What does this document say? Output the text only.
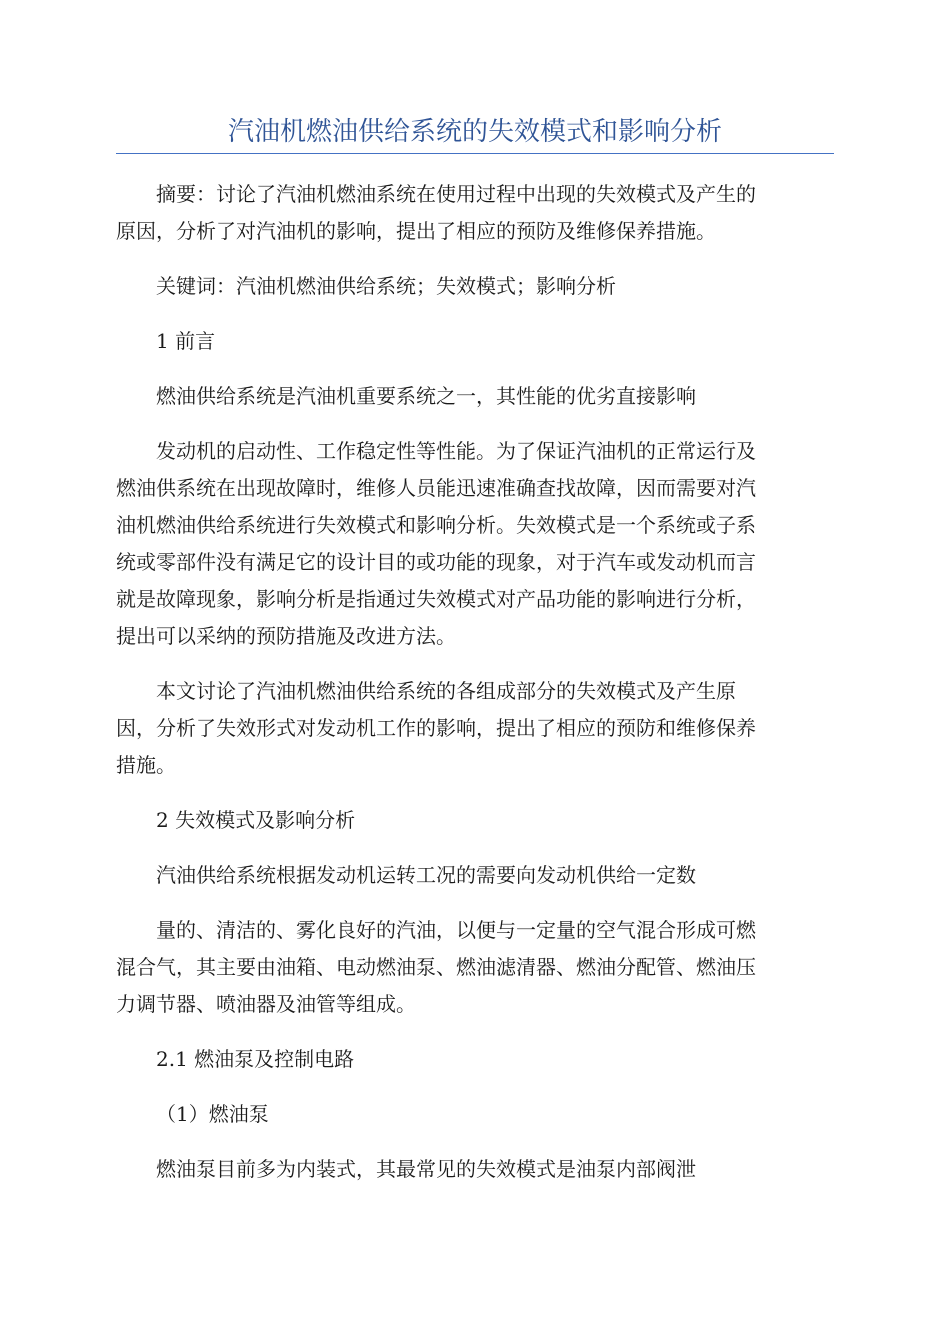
汽油机燃油供给系统的失效模式和影响分析
摘要：讨论了汽油机燃油系统在使用过程中出现的失效模式及产生的
原因，分析了对汽油机的影响，提出了相应的预防及维修保养措施。
关键词：汽油机燃油供给系统；失效模式；影响分析
1 前言
燃油供给系统是汽油机重要系统之一，其性能的优劣直接影响
发动机的启动性、工作稳定性等性能。为了保证汽油机的正常运行及
燃油供系统在出现故障时，维修人员能迅速准确查找故障，因而需要对汽
油机燃油供给系统进行失效模式和影响分析。失效模式是一个系统或子系
统或零部件没有满足它的设计目的或功能的现象，对于汽车或发动机而言
就是故障现象，影响分析是指通过失效模式对产品功能的影响进行分析，
提出可以采纳的预防措施及改进方法。
本文讨论了汽油机燃油供给系统的各组成部分的失效模式及产生原
因，分析了失效形式对发动机工作的影响，提出了相应的预防和维修保养
措施。
2 失效模式及影响分析
汽油供给系统根据发动机运转工况的需要向发动机供给一定数
量的、清洁的、雾化良好的汽油，以便与一定量的空气混合形成可燃
混合气，其主要由油箱、电动燃油泵、燃油滤清器、燃油分配管、燃油压
力调节器、喷油器及油管等组成。
2.1 燃油泵及控制电路
（1）燃油泵
燃油泵目前多为内装式，其最常见的失效模式是油泵内部阀泄
